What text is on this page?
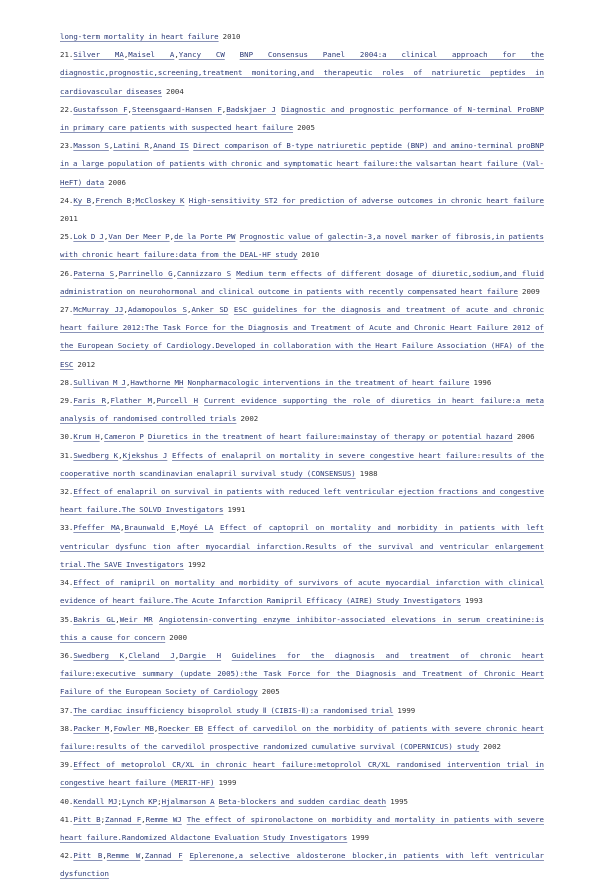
long-term mortality in heart failure 2010

21.Silver MA,Maisel A,Yancy CW BNP Consensus Panel 2004:a clinical approach for the diagnostic,prognostic,screening,treatment monitoring,and therapeutic roles of natriuretic peptides in cardiovascular diseases 2004

22.Gustafsson F,Steensgaard-Hansen F,Badskjaer J Diagnostic and prognostic performance of N-terminal ProBNP in primary care patients with suspected heart failure 2005

23.Masson S,Latini R,Anand IS Direct comparison of B-type natriuretic peptide (BNP) and amino-terminal proBNP in a large population of patients with chronic and symptomatic heart failure:the valsartan heart failure (Val-HeFT) data 2006

24.Ky B,French B;McCloskey K High-sensitivity ST2 for prediction of adverse outcomes in chronic heart failure 2011

25.Lok D J,Van Der Meer P,de la Porte PW Prognostic value of galectin-3,a novel marker of fibrosis,in patients with chronic heart failure:data from the DEAL-HF study 2010

26.Paterna S,Parrinello G,Cannizzaro S Medium term effects of different dosage of diuretic,sodium,and fluid administration on neurohormonal and clinical outcome in patients with recently compensated heart failure 2009

27.McMurray JJ,Adamopoulos S,Anker SD ESC guidelines for the diagnosis and treatment of acute and chronic heart failure 2012:The Task Force for the Diagnosis and Treatment of Acute and Chronic Heart Failure 2012 of the European Society of Cardiology.Developed in collaboration with the Heart Failure Association (HFA) of the ESC 2012

28.Sullivan M J,Hawthorne MH Nonpharmacologic interventions in the treatment of heart failure 1996

29.Faris R,Flather M,Purcell H Current evidence supporting the role of diuretics in heart failure:a meta analysis of randomised controlled trials 2002

30.Krum H,Cameron P Diuretics in the treatment of heart failure:mainstay of therapy or potential hazard 2006

31.Swedberg K,Kjekshus J Effects of enalapril on mortality in severe congestive heart failure:results of the cooperative north scandinavian enalapril survival study (CONSENSUS) 1988

32.Effect of enalapril on survival in patients with reduced left ventricular ejection fractions and congestive heart failure.The SOLVD Investigators 1991

33.Pfeffer MA,Braunwald E,Moyé LA Effect of captopril on mortality and morbidity in patients with left ventricular dysfunc tion after myocardial infarction.Results of the survival and ventricular enlargement trial.The SAVE Investigators 1992

34.Effect of ramipril on mortality and morbidity of survivors of acute myocardial infarction with clinical evidence of heart failure.The Acute Infarction Ramipril Efficacy (AIRE) Study Investigators 1993

35.Bakris GL,Weir MR Angiotensin-converting enzyme inhibitor-associated elevations in serum creatinine:is this a cause for concern 2000

36.Swedberg K,Cleland J,Dargie H Guidelines for the diagnosis and treatment of chronic heart failure:executive summary (update 2005):the Task Force for the Diagnosis and Treatment of Chronic Heart Failure of the European Society of Cardiology 2005

37.The cardiac insufficiency bisoprolol study Ⅱ (CIBIS-Ⅱ):a randomised trial 1999

38.Packer M,Fowler MB,Roecker EB Effect of carvedilol on the morbidity of patients with severe chronic heart failure:results of the carvedilol prospective randomized cumulative survival (COPERNICUS) study 2002

39.Effect of metoprolol CR/XL in chronic heart failure:metoprolol CR/XL randomised intervention trial in congestive heart failure (MERIT-HF) 1999

40.Kendall MJ;Lynch KP;Hjalmarson A Beta-blockers and sudden cardiac death 1995

41.Pitt B;Zannad F,Remme WJ The effect of spironolactone on morbidity and mortality in patients with severe heart failure.Randomized Aldactone Evaluation Study Investigators 1999

42.Pitt B,Remme W,Zannad F Eplerenone,a selective aldosterone blocker,in patients with left ventricular dysfunction
